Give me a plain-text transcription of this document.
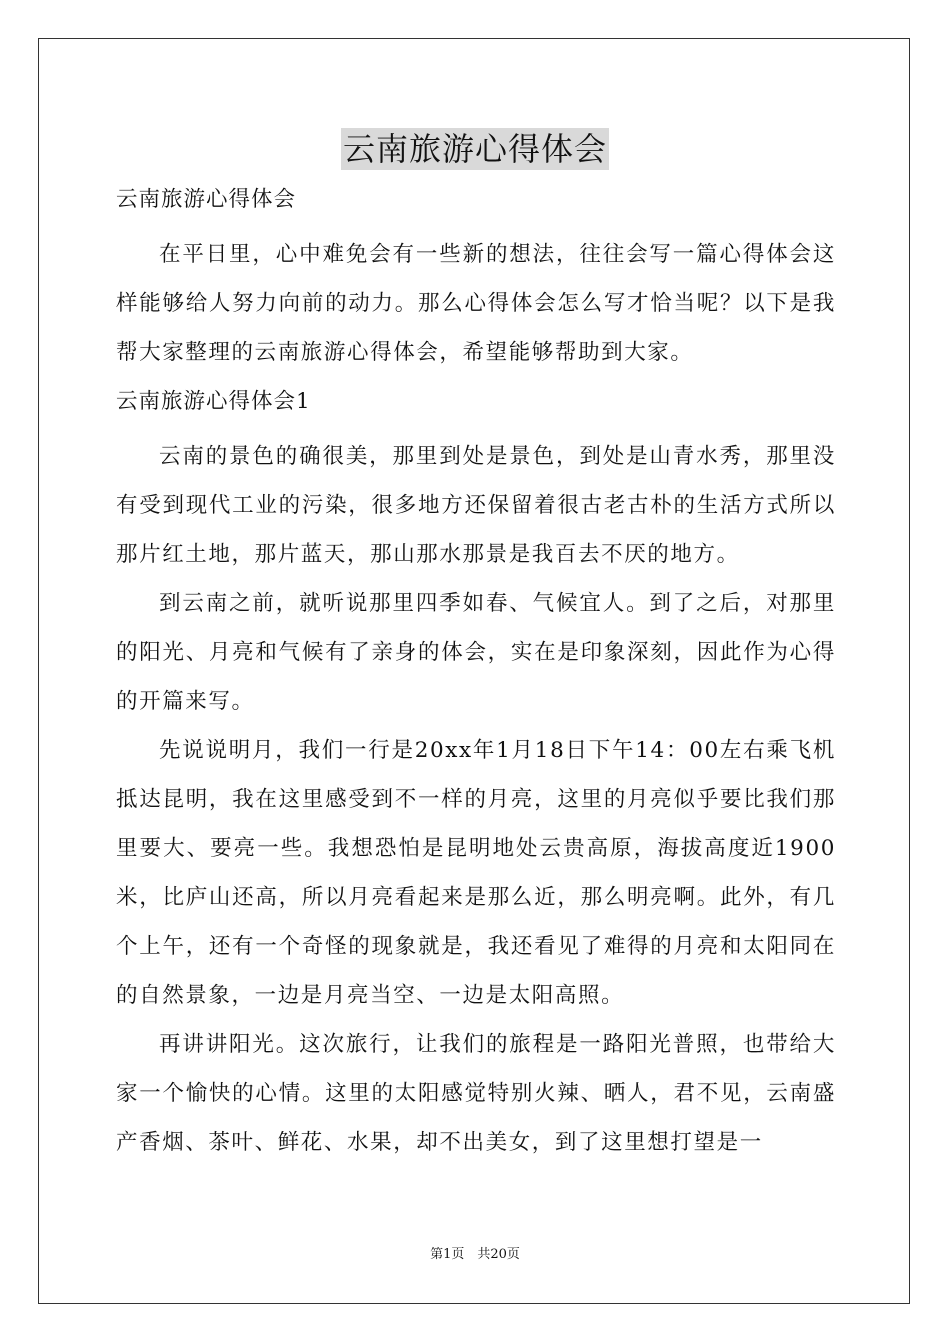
云南旅游心得体会

云南旅游心得体会

在平日里，心中难免会有一些新的想法，往往会写一篇心得体会这样能够给人努力向前的动力。那么心得体会怎么写才恰当呢？以下是我帮大家整理的云南旅游心得体会，希望能够帮助到大家。

云南旅游心得体会1

云南的景色的确很美，那里到处是景色，到处是山青水秀，那里没有受到现代工业的污染，很多地方还保留着很古老古朴的生活方式所以那片红土地，那片蓝天，那山那水那景是我百去不厌的地方。

到云南之前，就听说那里四季如春、气候宜人。到了之后，对那里的阳光、月亮和气候有了亲身的体会，实在是印象深刻，因此作为心得的开篇来写。

先说说明月，我们一行是20xx年1月18日下午14：00左右乘飞机抵达昆明，我在这里感受到不一样的月亮，这里的月亮似乎要比我们那里要大、要亮一些。我想恐怕是昆明地处云贵高原，海拔高度近1900米，比庐山还高，所以月亮看起来是那么近，那么明亮啊。此外，有几个上午，还有一个奇怪的现象就是，我还看见了难得的月亮和太阳同在的自然景象，一边是月亮当空、一边是太阳高照。

再讲讲阳光。这次旅行，让我们的旅程是一路阳光普照，也带给大家一个愉快的心情。这里的太阳感觉特别火辣、晒人，君不见，云南盛产香烟、茶叶、鲜花、水果，却不出美女，到了这里想打望是一

第1页　共20页
